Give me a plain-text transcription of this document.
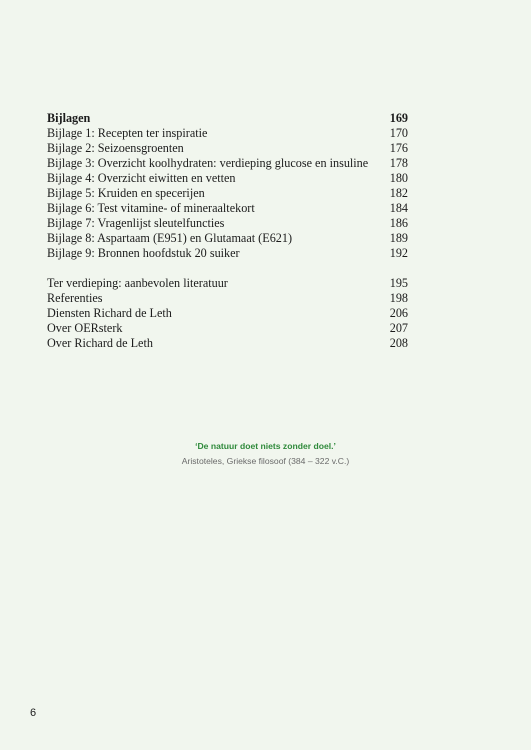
Bijlagen	169
Bijlage 1: Recepten ter inspiratie	170
Bijlage 2: Seizoensgroenten	176
Bijlage 3: Overzicht koolhydraten: verdieping glucose en insuline 178
Bijlage 4: Overzicht eiwitten en vetten	180
Bijlage 5: Kruiden en specerijen	182
Bijlage 6: Test vitamine- of mineraaltekort	184
Bijlage 7: Vragenlijst sleutelfuncties	186
Bijlage 8: Aspartaam (E951) en Glutamaat (E621)	189
Bijlage 9: Bronnen hoofdstuk 20 suiker	192
Ter verdieping: aanbevolen literatuur	195
Referenties	198
Diensten Richard de Leth	206
Over OERsterk	207
Over Richard de Leth	208
‘De natuur doet niets zonder doel.’
Aristoteles, Griekse filosoof (384 – 322 v.C.)
6
